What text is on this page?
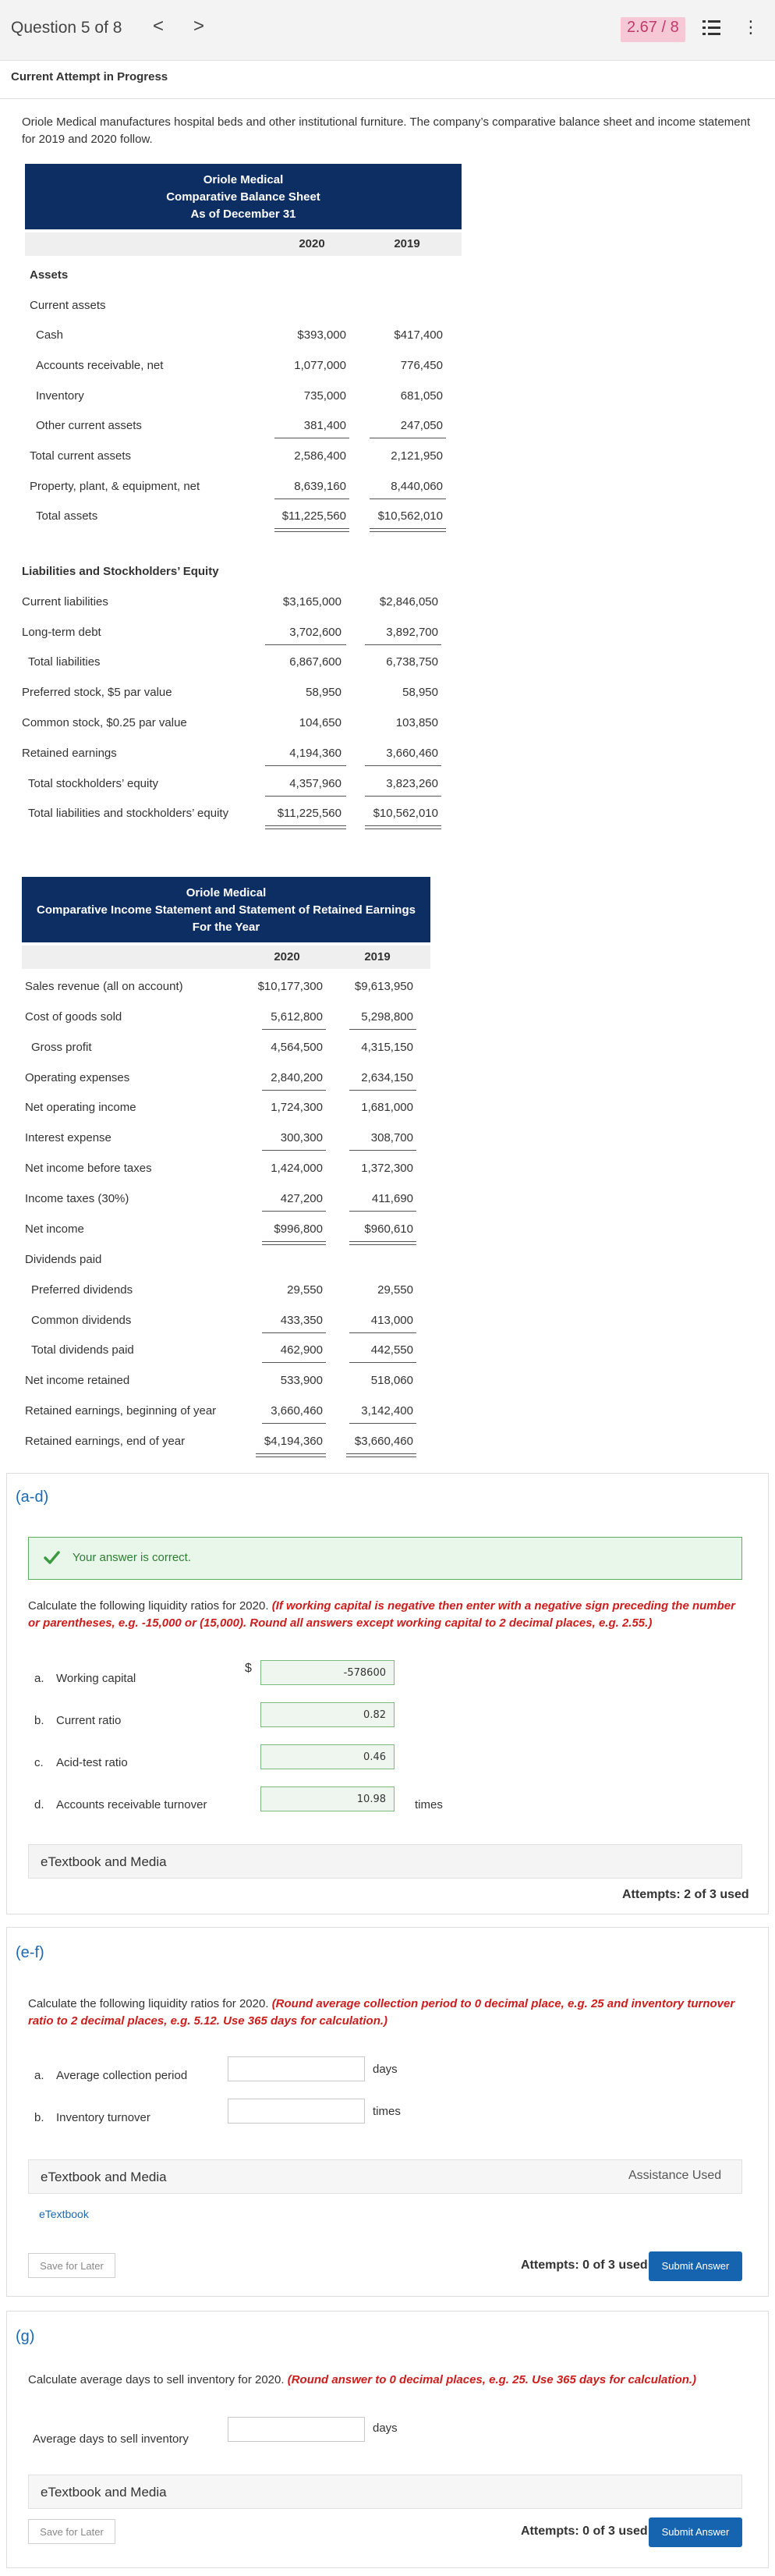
Question 5 of 8 < >	2.67 / 8	⋮
Current Attempt in Progress
Oriole Medical manufactures hospital beds and other institutional furniture. The company’s comparative balance sheet and income statement for 2019 and 2020 follow.
Oriole Medical
Comparative Balance Sheet
As of December 31
2020	2019
Assets
Current assets
Cash	$393,000	$417,400
Accounts receivable, net	1,077,000	776,450
Inventory	735,000	681,050
Other current assets	381,400	247,050
Total current assets	2,586,400	2,121,950
Property, plant, & equipment, net	8,639,160	8,440,060
Total assets	$11,225,560	$10,562,010
Liabilities and Stockholders’ Equity
Current liabilities	$3,165,000	$2,846,050
Long-term debt	3,702,600	3,892,700
Total liabilities	6,867,600	6,738,750
Preferred stock, $5 par value	58,950	58,950
Common stock, $0.25 par value	104,650	103,850
Retained earnings	4,194,360	3,660,460
Total stockholders’ equity	4,357,960	3,823,260
Total liabilities and stockholders’ equity	$11,225,560	$10,562,010
Oriole Medical
Comparative Income Statement and Statement of Retained Earnings
For the Year
2020	2019
Sales revenue (all on account)	$10,177,300	$9,613,950
Cost of goods sold	5,612,800	5,298,800
Gross profit	4,564,500	4,315,150
Operating expenses	2,840,200	2,634,150
Net operating income	1,724,300	1,681,000
Interest expense	300,300	308,700
Net income before taxes	1,424,000	1,372,300
Income taxes (30%)	427,200	411,690
Net income	$996,800	$960,610
Dividends paid
Preferred dividends	29,550	29,550
Common dividends	433,350	413,000
Total dividends paid	462,900	442,550
Net income retained	533,900	518,060
Retained earnings, beginning of year	3,660,460	3,142,400
Retained earnings, end of year	$4,194,360	$3,660,460
(a-d)
Your answer is correct.
Calculate the following liquidity ratios for 2020. (If working capital is negative then enter with a negative sign preceding the number or parentheses, e.g. -15,000 or (15,000). Round all answers except working capital to 2 decimal places, e.g. 2.55.)
a. Working capital
$	-578600
b. Current ratio	0.82
c. Acid-test ratio	0.46
d. Accounts receivable turnover	10.98	times
eTextbook and Media
Attempts: 2 of 3 used
(e-f)
Calculate the following liquidity ratios for 2020. (Round average collection period to 0 decimal place, e.g. 25 and inventory turnover ratio to 2 decimal places, e.g. 5.12. Use 365 days for calculation.)
a. Average collection period	days
b. Inventory turnover	times
eTextbook and Media	Assistance Used
eTextbook
Save for Later	Attempts: 0 of 3 used	Submit Answer
(g)
Calculate average days to sell inventory for 2020. (Round answer to 0 decimal places, e.g. 25. Use 365 days for calculation.)
Average days to sell inventory
days
eTextbook and Media
Save for Later	Attempts: 0 of 3 used	Submit Answer
